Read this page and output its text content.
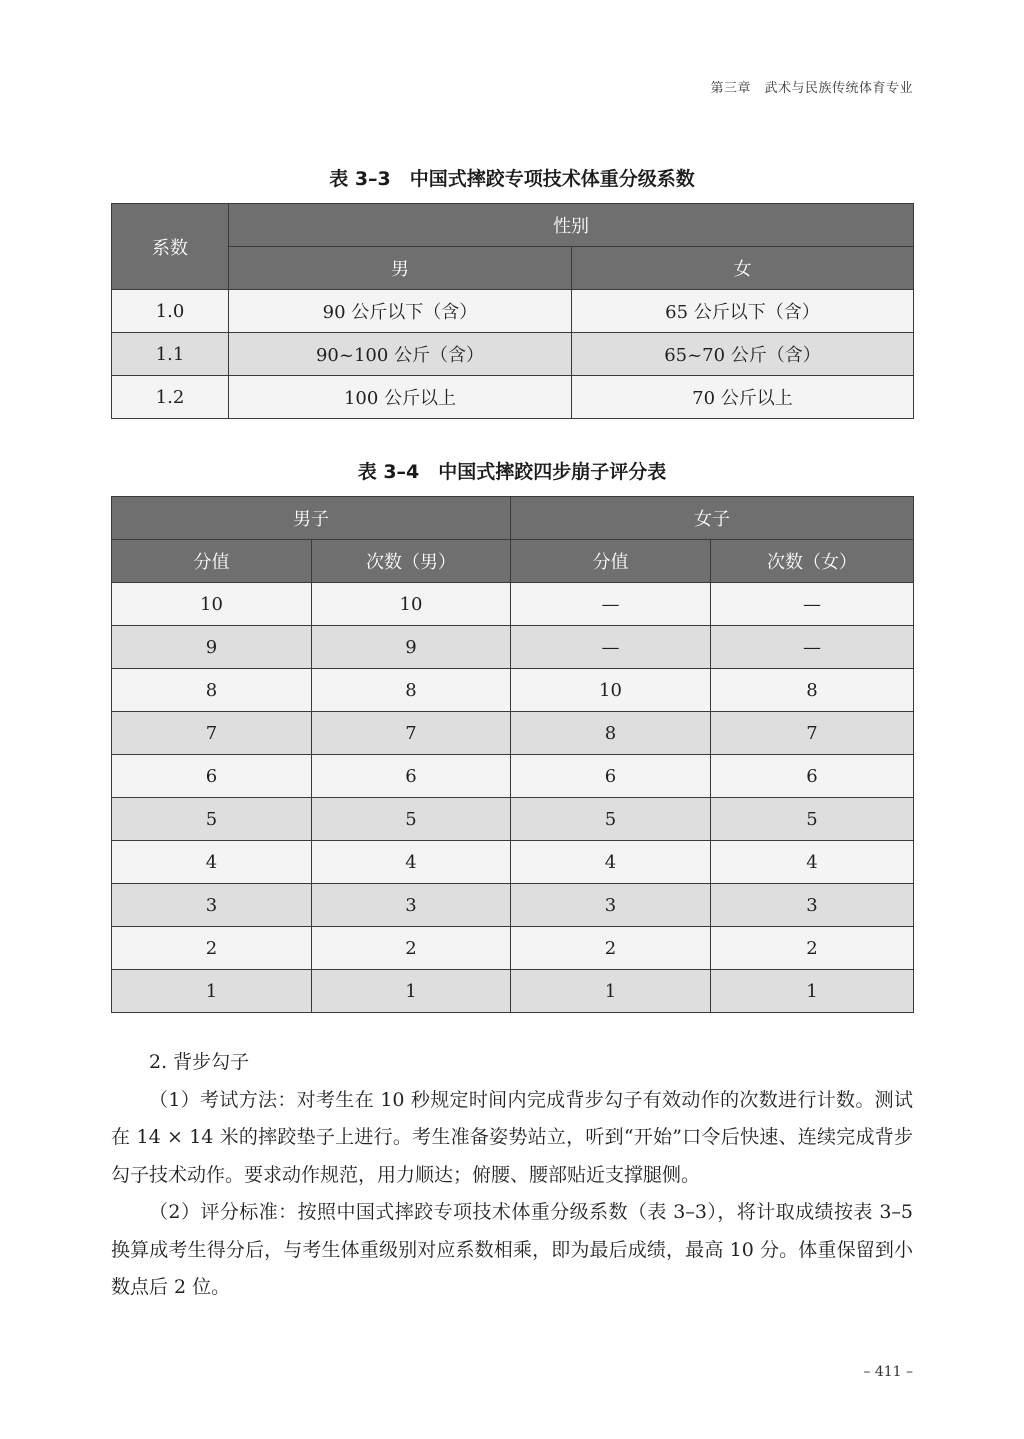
第三章　武术与民族传统体育专业
表 3–3　中国式摔跤专项技术体重分级系数
系数	性别	
	男	女
1.0	90 公斤以下（含）	65 公斤以下（含）
1.1	90~100 公斤（含）	65~70 公斤（含）
1.2	100 公斤以上	70 公斤以上
表 3–4　中国式摔跤四步崩子评分表
男子		女子	
分值	次数（男）	分值	次数（女）
10	10	—	—
9	9	—	—
8	8	10	8
7	7	8	7
6	6	6	6
5	5	5	5
4	4	4	4
3	3	3	3
2	2	2	2
1	1	1	1

2. 背步勾子

（1）考试方法：对考生在 10 秒规定时间内完成背步勾子有效动作的次数进行计数。测试在 14 × 14 米的摔跤垫子上进行。考生准备姿势站立，听到“开始”口令后快速、连续完成背步勾子技术动作。要求动作规范，用力顺达；俯腰、腰部贴近支撑腿侧。

（2）评分标准：按照中国式摔跤专项技术体重分级系数（表 3–3），将计取成绩按表 3–5 换算成考生得分后，与考生体重级别对应系数相乘，即为最后成绩，最高 10 分。体重保留到小数点后 2 位。

– 411 –
